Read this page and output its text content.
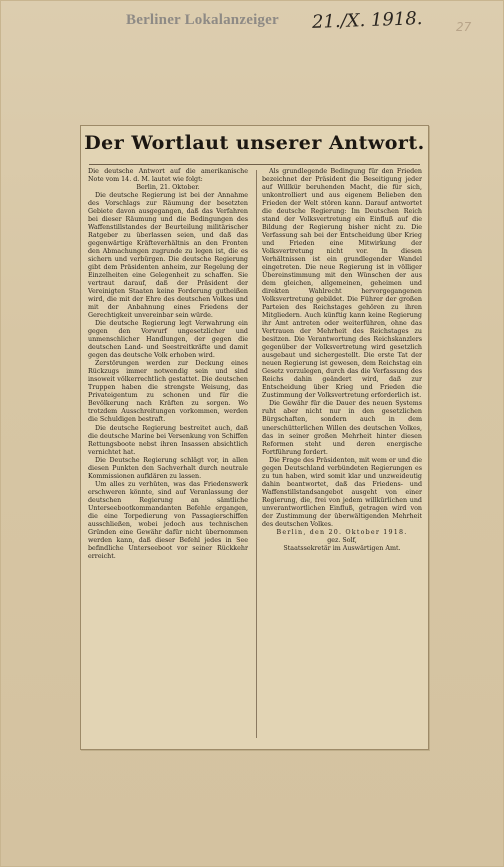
Berliner Lokalanzeiger 21./X. 1918.	27
Der Wortlaut unserer Antwort.

Die deutsche Antwort auf die amerikanische Note vom 14. d. M. lautet wie folgt:

Berlin, 21. Oktober.

Die deutsche Regierung ist bei der Annahme des Vorschlags zur Räumung der besetzten Gebiete davon ausgegangen, daß das Verfahren bei dieser Räumung und die Bedingungen des Waffenstillstandes der Beurteilung militärischer Ratgeber zu überlassen seien, und daß das gegenwärtige Kräfteverhältnis an den Fronten den Abmachungen zugrunde zu legen ist, die es sichern und verbürgen. Die deutsche Regierung gibt dem Präsidenten anheim, zur Regelung der Einzelheiten eine Gelegenheit zu schaffen. Sie vertraut darauf, daß der Präsident der Vereinigten Staaten keine Forderung gutheißen wird, die mit der Ehre des deutschen Volkes und mit der Anbahnung eines Friedens der Gerechtigkeit unvereinbar sein würde.

Die deutsche Regierung legt Verwahrung ein gegen den Vorwurf ungesetzlicher und unmenschlicher Handlungen, der gegen die deutschen Land- und Seestreitkräfte und damit gegen das deutsche Volk erhoben wird.

Zerstörungen werden zur Deckung eines Rückzugs immer notwendig sein und sind insoweit völkerrechtlich gestattet. Die deutschen Truppen haben die strengste Weisung, das Privateigentum zu schonen und für die Bevölkerung nach Kräften zu sorgen. Wo trotzdem Ausschreitungen vorkommen, werden die Schuldigen bestraft.

Die deutsche Regierung bestreitet auch, daß die deutsche Marine bei Versenkung von Schiffen Rettungsboote nebst ihren Insassen absichtlich vernichtet hat.

Die Deutsche Regierung schlägt vor, in allen diesen Punkten den Sachverhalt durch neutrale Kommissionen aufklären zu lassen.

Um alles zu verhüten, was das Friedenswerk erschweren könnte, sind auf Veranlassung der deutschen Regierung an sämtliche Unterseebootkommandanten Befehle ergangen, die eine Torpedierung von Passagierschiffen ausschließen, wobei jedoch aus technischen Gründen eine Gewähr dafür nicht übernommen werden kann, daß dieser Befehl jedes in See befindliche Unterseeboot vor seiner Rückkehr erreicht.

Als grundlegende Bedingung für den Frieden bezeichnet der Präsident die Beseitigung jeder auf Willkür beruhenden Macht, die für sich, unkontrolliert und aus eigenem Belieben den Frieden der Welt stören kann. Darauf antwortet die deutsche Regierung: Im Deutschen Reich stand der Volksvertretung ein Einfluß auf die Bildung der Regierung bisher nicht zu. Die Verfassung sah bei der Entscheidung über Krieg und Frieden eine Mitwirkung der Volksvertretung nicht vor. In diesen Verhältnissen ist ein grundlegender Wandel eingetreten. Die neue Regierung ist in völliger Übereinstimmung mit den Wünschen der aus dem gleichen, allgemeinen, geheimen und direkten Wahlrecht hervorgegangenen Volksvertretung gebildet. Die Führer der großen Parteien des Reichstages gehören zu ihren Mitgliedern. Auch künftig kann keine Regierung ihr Amt antreten oder weiterführen, ohne das Vertrauen der Mehrheit des Reichstages zu besitzen. Die Verantwortung des Reichskanzlers gegenüber der Volksvertretung wird gesetzlich ausgebaut und sichergestellt. Die erste Tat der neuen Regierung ist gewesen, dem Reichstag ein Gesetz vorzulegen, durch das die Verfassung des Reichs dahin geändert wird, daß zur Entscheidung über Krieg und Frieden die Zustimmung der Volksvertretung erforderlich ist.

Die Gewähr für die Dauer des neuen Systems ruht aber nicht nur in den gesetzlichen Bürgschaften, sondern auch in dem unerschütterlichen Willen des deutschen Volkes, das in seiner großen Mehrheit hinter diesen Reformen steht und deren energische Fortführung fordert.

Die Frage des Präsidenten, mit wem er und die gegen Deutschland verbündeten Regierungen es zu tun haben, wird somit klar und unzweideutig dahin beantwortet, daß das Friedens- und Waffenstillstandsangebot ausgeht von einer Regierung, die, frei von jedem willkürlichen und unverantwortlichen Einfluß, getragen wird von der Zustimmung der überwältigenden Mehrheit des deutschen Volkes.

Berlin, den 20. Oktober 1918.

gez. Solf,

Staatssekretär im Auswärtigen Amt.
